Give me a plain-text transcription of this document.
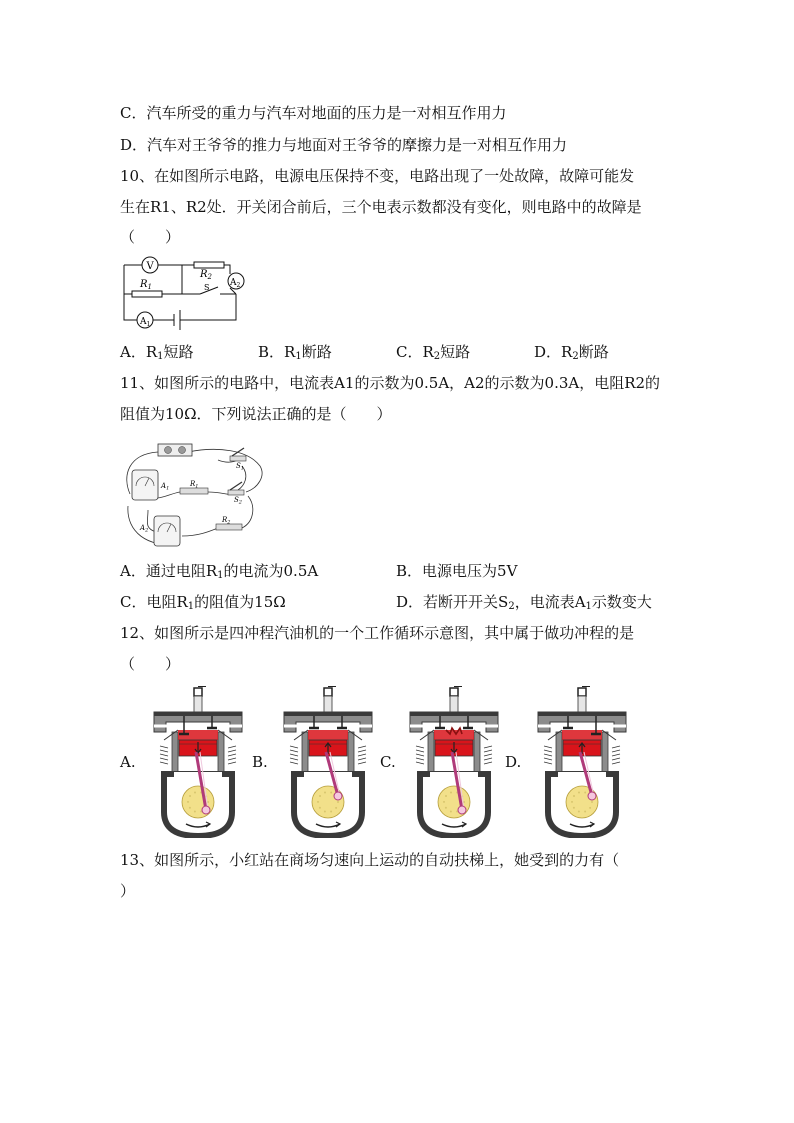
C．汽车所受的重力与汽车对地面的压力是一对相互作用力
D．汽车对王爷爷的推力与地面对王爷爷的摩擦力是一对相互作用力
10、在如图所示电路，电源电压保持不变，电路出现了一处故障，故障可能发
生在R1、R2处．开关闭合前后，三个电表示数都没有变化，则电路中的故障是
（　　）
V
$R_2$
$A_2$
$R_1$	S
$A_1$
A．$R_1$短路	B．$R_1$断路	C．$R_2$短路	D．$R_2$断路
11、如图所示的电路中，电流表A1的示数为0.5A，A2的示数为0.3A，电阻R2的
阻值为10Ω．下列说法正确的是（　　）
$S_1$
$A_1$
$R_1$
$S_2$
$A_2$
$R_2$
A．通过电阻$R_1$的电流为0.5A	B．电源电压为5V
C．电阻$R_1$的阻值为15Ω	D．若断开开关$S_2$，电流表$A_1$示数变大
12、如图所示是四冲程汽油机的一个工作循环示意图，其中属于做功冲程的是
（　　）
A.	B.	C.	D.
13、如图所示，小红站在商场匀速向上运动的自动扶梯上，她受到的力有（
）
